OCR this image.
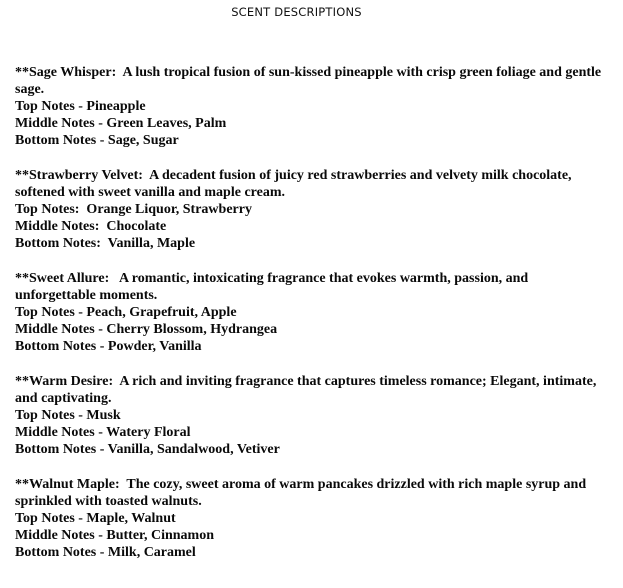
SCENT DESCRIPTIONS

**Sage Whisper:  A lush tropical fusion of sun-kissed pineapple with crisp green foliage and gentle sage.

Top Notes - Pineapple

Middle Notes - Green Leaves, Palm

Bottom Notes - Sage, Sugar

**Strawberry Velvet:  A decadent fusion of juicy red strawberries and velvety milk chocolate, softened with sweet vanilla and maple cream.

Top Notes:  Orange Liquor, Strawberry

Middle Notes:  Chocolate

Bottom Notes:  Vanilla, Maple

**Sweet Allure:   A romantic, intoxicating fragrance that evokes warmth, passion, and unforgettable moments.

Top Notes - Peach, Grapefruit, Apple

Middle Notes - Cherry Blossom, Hydrangea

Bottom Notes - Powder, Vanilla

**Warm Desire:  A rich and inviting fragrance that captures timeless romance; Elegant, intimate, and captivating.

Top Notes - Musk

Middle Notes - Watery Floral

Bottom Notes - Vanilla, Sandalwood, Vetiver

**Walnut Maple:  The cozy, sweet aroma of warm pancakes drizzled with rich maple syrup and sprinkled with toasted walnuts.

Top Notes - Maple, Walnut

Middle Notes - Butter, Cinnamon

Bottom Notes - Milk, Caramel
